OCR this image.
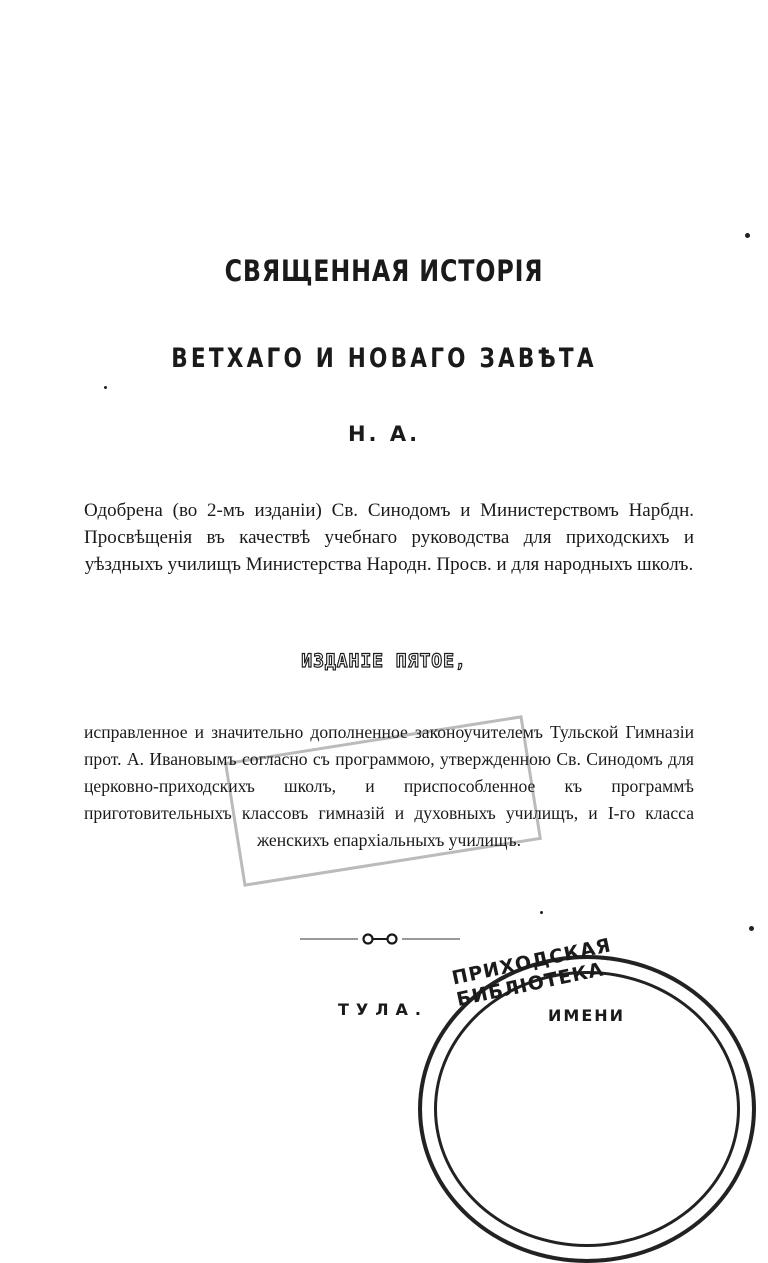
СВЯЩЕННАЯ ИСТОРІЯ
ВЕТХАГО И НОВАГО ЗАВѢТА
Н. А.
Одобрена (во 2-мъ изданіи) Св. Синодомъ и Министерствомъ Нарбдн. Просвѣщенія въ качествѣ учебнаго руководства для приходскихъ и уѣздныхъ училищъ Министерства Народн. Просв. и для народныхъ школъ.
ИЗДАНІЕ ПЯТОЕ,
исправленное и значительно дополненное законоучителемъ Тульской Гимназіи прот. А. Ивановымъ согласно съ программою, утвержденною Св. Синодомъ для церковно-приходскихъ школъ, и приспособленное къ программѣ приготовительныхъ классовъ гимназій и духовныхъ училищъ, и I-го класса женскихъ епархіальныхъ училищъ.
ТУЛА.
ПРИХОДСКАЯ БИБЛІОТЕКА
ИМЕНИ
